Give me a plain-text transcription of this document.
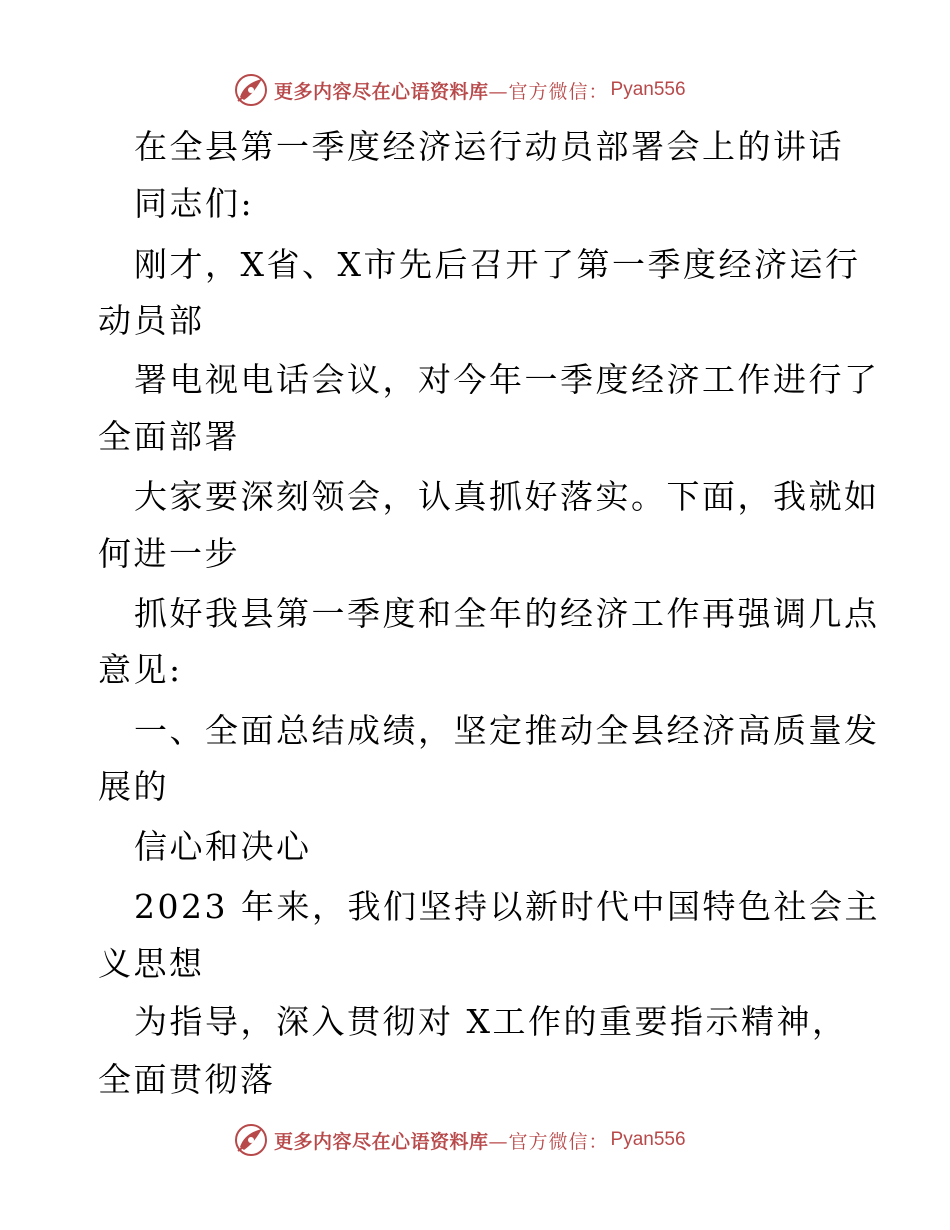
更多内容尽在心语资料库 —官方微信： Pyan556
在全县第一季度经济运行动员部署会上的讲话
同志们:
刚才，X省、X市先后召开了第一季度经济运行
动员部
署电视电话会议，对今年一季度经济工作进行了
全面部署
大家要深刻领会，认真抓好落实。下面，我就如
何进一步
抓好我县第一季度和全年的经济工作再强调几点
意见:
一、全面总结成绩，坚定推动全县经济高质量发
展的
信心和决心
2023 年来，我们坚持以新时代中国特色社会主
义思想
为指导，深入贯彻对 X工作的重要指示精神，
全面贯彻落
更多内容尽在心语资料库 —官方微信： Pyan556
